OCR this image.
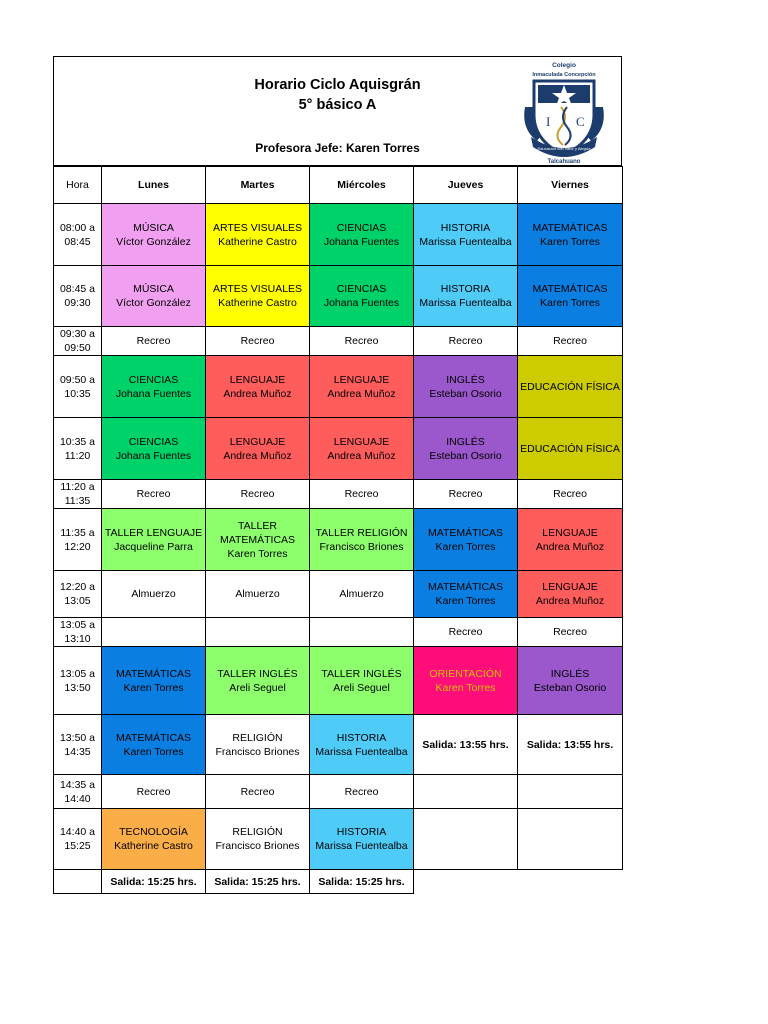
Horario Ciclo Aquisgrán
5° básico A
Profesora Jefe: Karen Torres
I C
Colegio
Inmaculada Concepción
Educación con Valor y Alegría
Talcahuano
Hora	Lunes	Martes	Miércoles	Jueves	Viernes

08:00 a
08:45	MÚSICA
Víctor González	ARTES VISUALES
Katherine Castro	CIENCIAS
Johana Fuentes	HISTORIA
Marissa Fuentealba	MATEMÁTICAS
Karen Torres

08:45 a
09:30	MÚSICA
Víctor González	ARTES VISUALES
Katherine Castro	CIENCIAS
Johana Fuentes	HISTORIA
Marissa Fuentealba	MATEMÁTICAS
Karen Torres

09:30 a
09:50	Recreo	Recreo	Recreo	Recreo	Recreo

09:50 a
10:35	CIENCIAS
Johana Fuentes	LENGUAJE
Andrea Muñoz	LENGUAJE
Andrea Muñoz	INGLÉS
Esteban Osorio	EDUCACIÓN FÍSICA

10:35 a
11:20	CIENCIAS
Johana Fuentes	LENGUAJE
Andrea Muñoz	LENGUAJE
Andrea Muñoz	INGLÉS
Esteban Osorio	EDUCACIÓN FÍSICA

11:20 a
11:35	Recreo	Recreo	Recreo	Recreo	Recreo

11:35 a
12:20	TALLER LENGUAJE
Jacqueline Parra	TALLER MATEMÁTICAS
Karen Torres	TALLER RELIGIÓN
Francisco Briones	MATEMÁTICAS
Karen Torres	LENGUAJE
Andrea Muñoz

12:20 a
13:05	Almuerzo	Almuerzo	Almuerzo	MATEMÁTICAS
Karen Torres	LENGUAJE
Andrea Muñoz

13:05 a
13:10				Recreo	Recreo

13:05 a
13:50	MATEMÁTICAS
Karen Torres	TALLER INGLÉS
Areli Seguel	TALLER INGLÉS
Areli Seguel	ORIENTACIÓN
Karen Torres	INGLÉS
Esteban Osorio

13:50 a
14:35	MATEMÁTICAS
Karen Torres	RELIGIÓN
Francisco Briones	HISTORIA
Marissa Fuentealba	Salida: 13:55 hrs.	Salida: 13:55 hrs.

14:35 a
14:40	Recreo	Recreo	Recreo		

14:40 a
15:25	TECNOLOGÍA
Katherine Castro	RELIGIÓN
Francisco Briones	HISTORIA
Marissa Fuentealba		

	Salida: 15:25 hrs.	Salida: 15:25 hrs.	Salida: 15:25 hrs.		
